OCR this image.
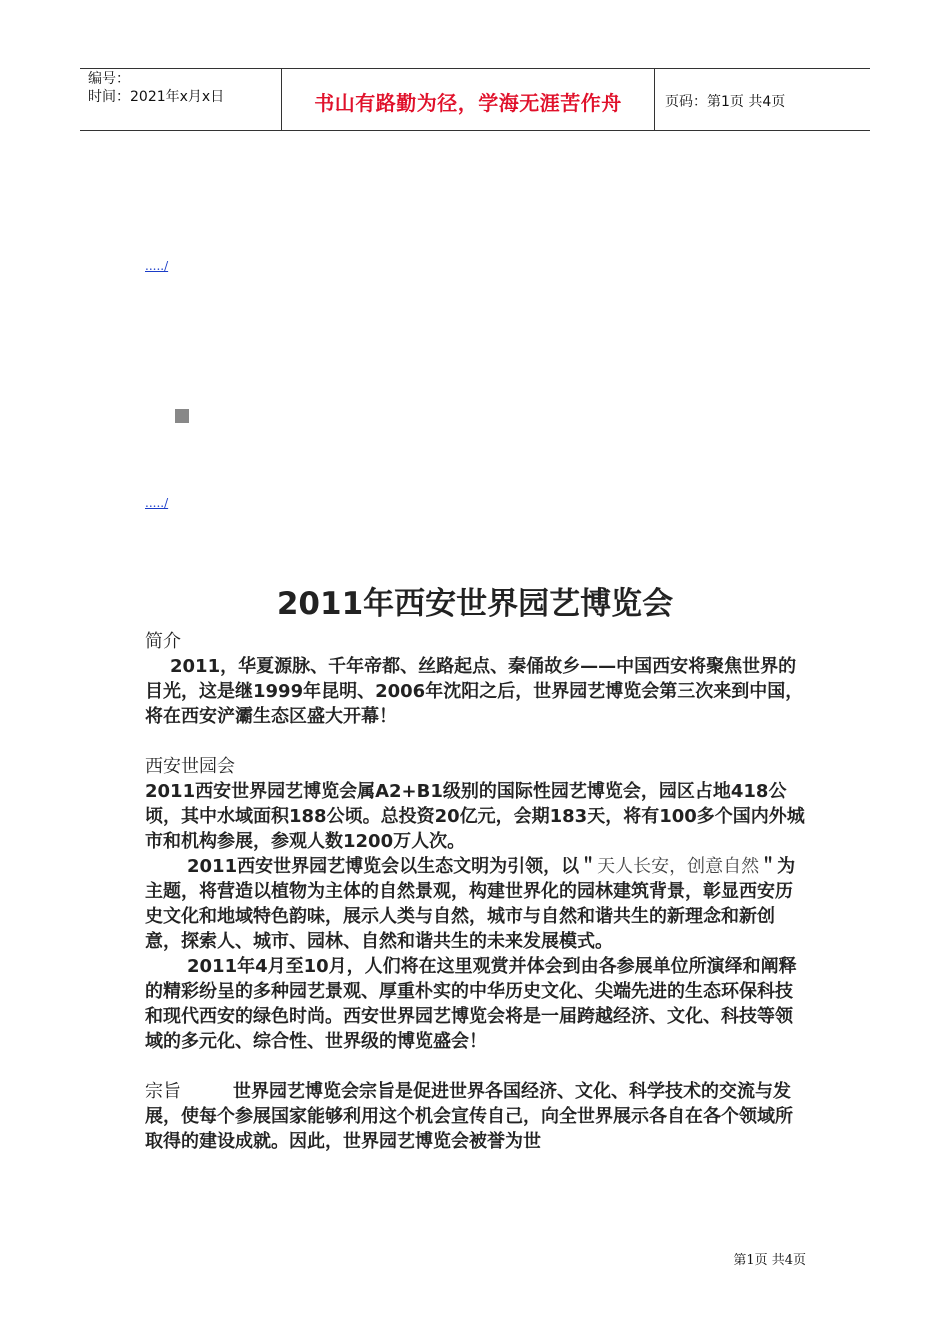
编号：
时间：2021年x月x日	书山有路勤为径，学海无涯苦作舟	页码：第1页 共4页
...../
...../
2011年西安世界园艺博览会

简介

2011，华夏源脉、千年帝都、丝路起点、秦俑故乡——中国西安将聚焦世界的目光，这是继1999年昆明、2006年沈阳之后，世界园艺博览会第三次来到中国，将在西安浐灞生态区盛大开幕！

西安世园会

2011西安世界园艺博览会属A2+B1级别的国际性园艺博览会，园区占地418公顷，其中水域面积188公顷。总投资20亿元，会期183天，将有100多个国内外城市和机构参展，参观人数1200万人次。

2011西安世界园艺博览会以生态文明为引领，以＂天人长安，创意自然＂为主题，将营造以植物为主体的自然景观，构建世界化的园林建筑背景，彰显西安历史文化和地域特色韵味，展示人类与自然，城市与自然和谐共生的新理念和新创意，探索人、城市、园林、自然和谐共生的未来发展模式。

2011年4月至10月，人们将在这里观赏并体会到由各参展单位所演绎和阐释的精彩纷呈的多种园艺景观、厚重朴实的中华历史文化、尖端先进的生态环保科技和现代西安的绿色时尚。西安世界园艺博览会将是一届跨越经济、文化、科技等领域的多元化、综合性、世界级的博览盛会！

宗旨	世界园艺博览会宗旨是促进世界各国经济、文化、科学技术的交流与发展，使每个参展国家能够利用这个机会宣传自己，向全世界展示各自在各个领域所取得的建设成就。因此，世界园艺博览会被誉为世

第1页 共4页
